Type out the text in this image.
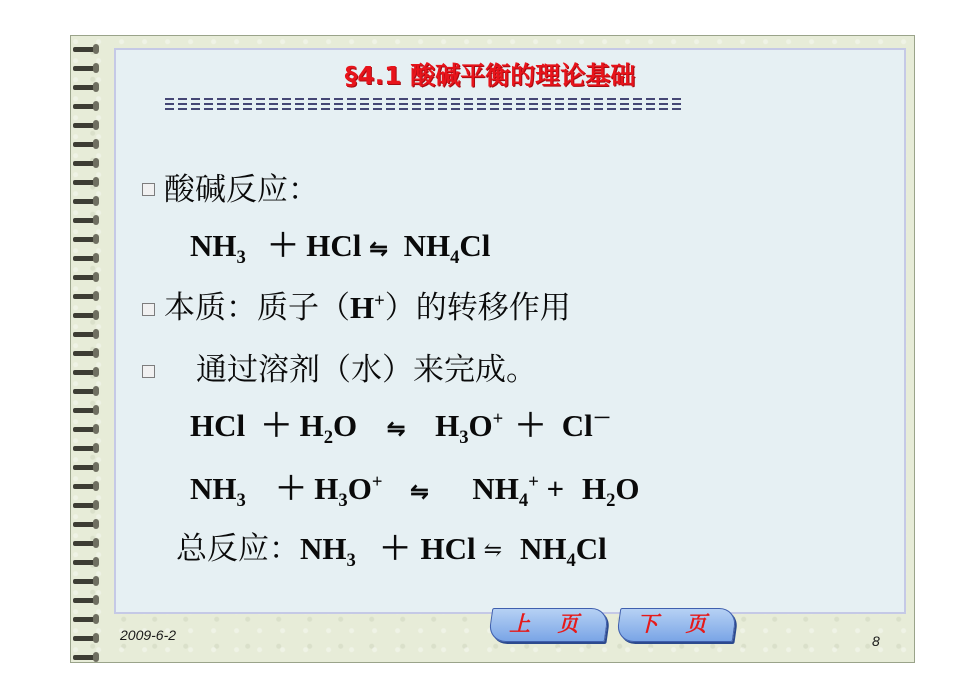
§4.1 酸碱平衡的理论基础
酸碱反应：
$NH_3$ ＋ HCl ⇋ $NH_4Cl$
本质：质子（H+）的转移作用
通过溶剂（水）来完成。
HCl ＋ $H_2O$ ⇋ $H_3O^+ + Cl^-$
$NH_3 + H_3O^+$ ⇋ $NH_4^+ + H_2O$
总反应：$NH_3$ ＋ HCl ⇋ $NH_4Cl$
2009-6-2	上 页	下 页
8
